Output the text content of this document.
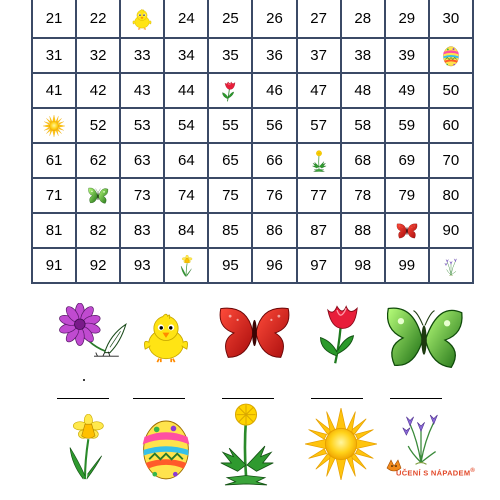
21	22		24	25	26	27	28	29	30
31	32	33	34	35	36	37	38	39	
41	42	43	44		46	47	48	49	50
	52	53	54	55	56	57	58	59	60
61	62	63	64	65	66		68	69	70
71		73	74	75	76	77	78	79	80
81	82	83	84	85	86	87	88		90
91	92	93		95	96	97	98	99	
UČENÍ S NÁPADEM®
